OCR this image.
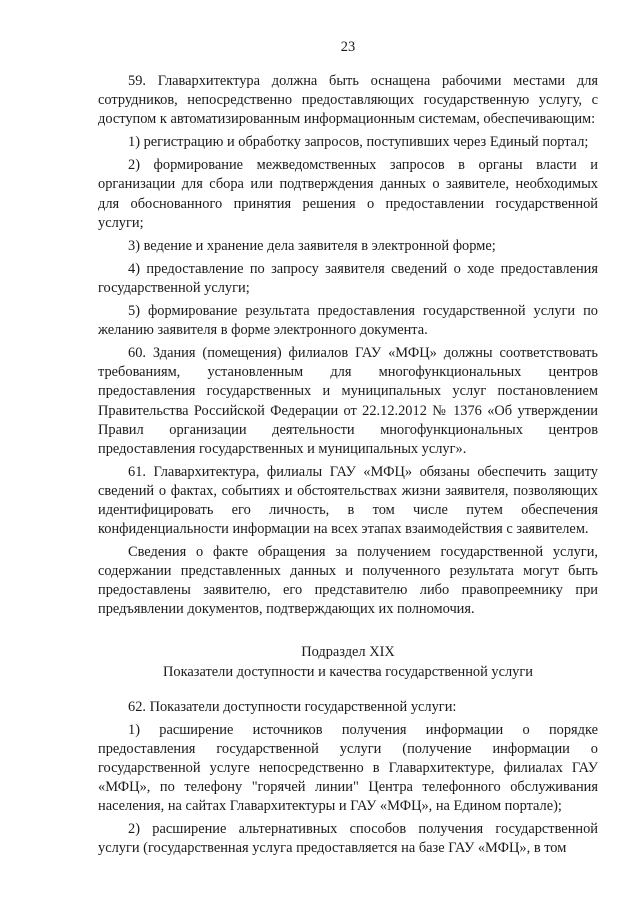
23

59. Главархитектура должна быть оснащена рабочими местами для сотрудников, непосредственно предоставляющих государственную услугу, с доступом к автоматизированным информационным системам, обеспечивающим:

1) регистрацию и обработку запросов, поступивших через Единый портал;

2) формирование межведомственных запросов в органы власти и организации для сбора или подтверждения данных о заявителе, необходимых для обоснованного принятия решения о предоставлении государственной услуги;

3) ведение и хранение дела заявителя в электронной форме;

4) предоставление по запросу заявителя сведений о ходе предоставления государственной услуги;

5) формирование результата предоставления государственной услуги по желанию заявителя в форме электронного документа.

60. Здания (помещения) филиалов ГАУ «МФЦ» должны соответствовать требованиям, установленным для многофункциональных центров предоставления государственных и муниципальных услуг постановлением Правительства Российской Федерации от 22.12.2012 № 1376 «Об утверждении Правил организации деятельности многофункциональных центров предоставления государственных и муниципальных услуг».

61. Главархитектура, филиалы ГАУ «МФЦ» обязаны обеспечить защиту сведений о фактах, событиях и обстоятельствах жизни заявителя, позволяющих идентифицировать его личность, в том числе путем обеспечения конфиденциальности информации на всех этапах взаимодействия с заявителем.

Сведения о факте обращения за получением государственной услуги, содержании представленных данных и полученного результата могут быть предоставлены заявителю, его представителю либо правопреемнику при предъявлении документов, подтверждающих их полномочия.

Подраздел XIX

Показатели доступности и качества государственной услуги

62. Показатели доступности государственной услуги:

1) расширение источников получения информации о порядке предоставления государственной услуги (получение информации о государственной услуге непосредственно в Главархитектуре, филиалах ГАУ «МФЦ», по телефону "горячей линии" Центра телефонного обслуживания населения, на сайтах Главархитектуры и ГАУ «МФЦ», на Едином портале);

2) расширение альтернативных способов получения государственной услуги (государственная услуга предоставляется на базе ГАУ «МФЦ», в том
